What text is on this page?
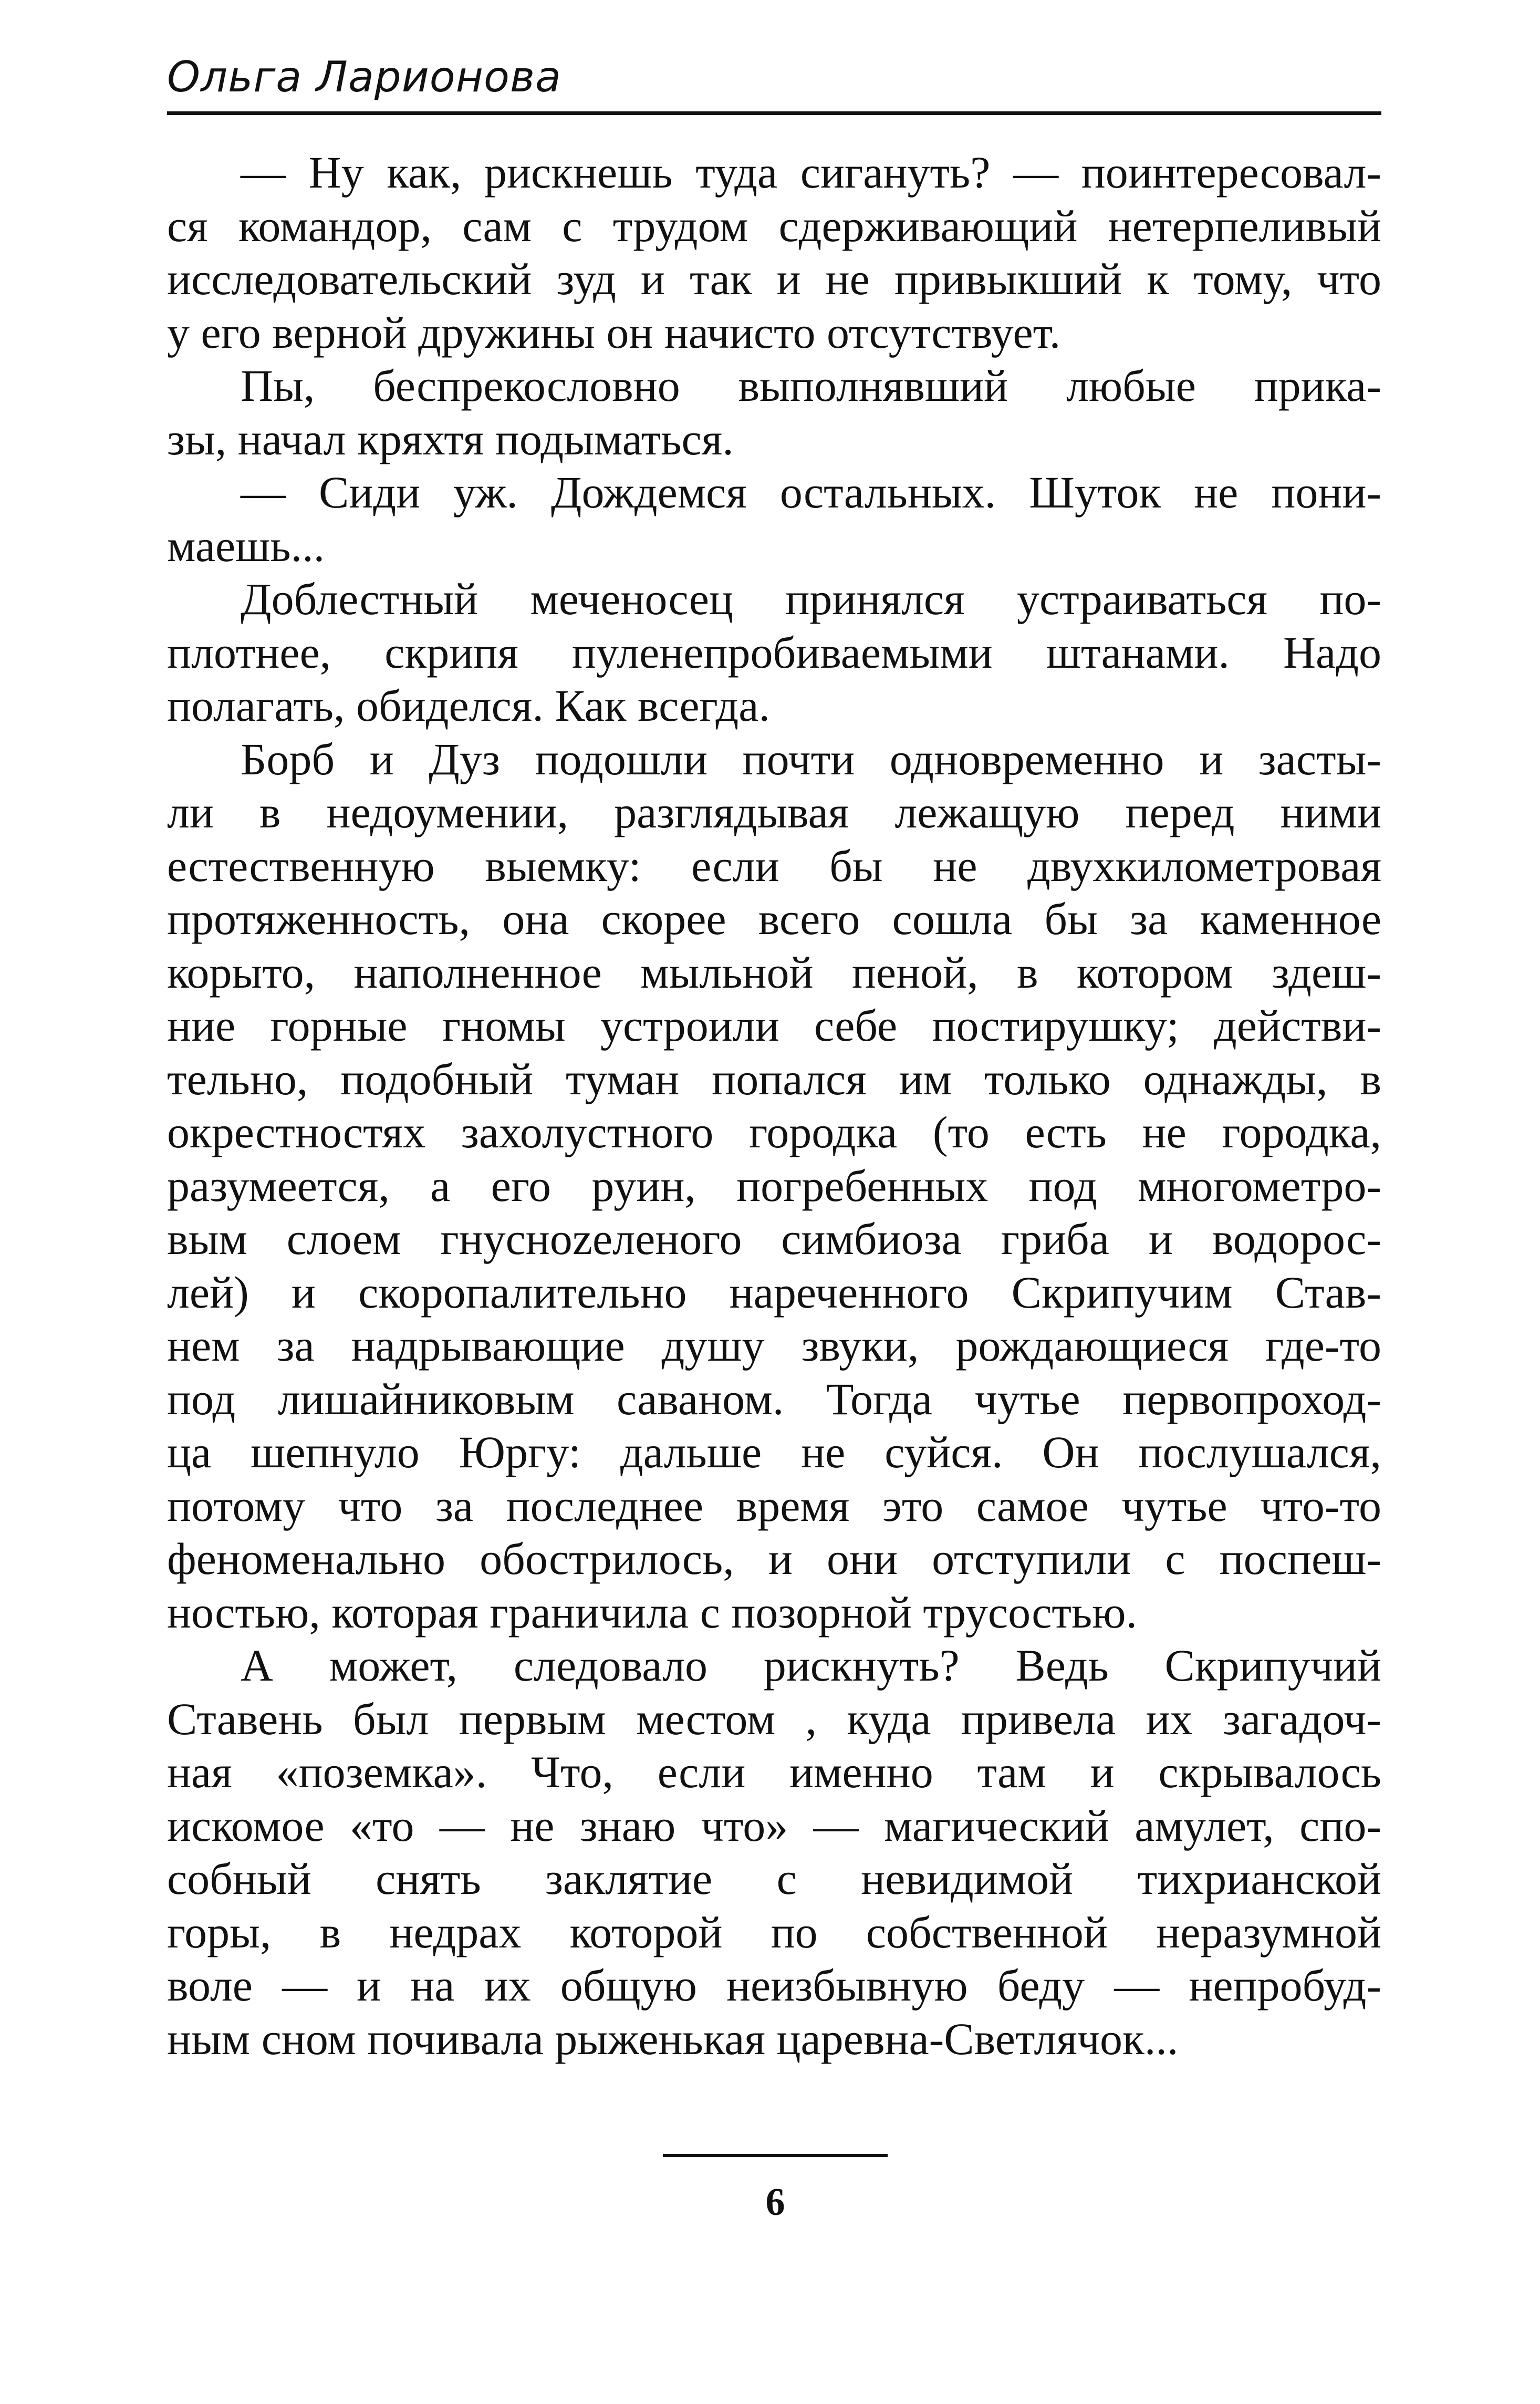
Ольга Ларионова

— Ну как, рискнешь туда сигануть? — поинтересовал-
ся командор, сам с трудом сдерживающий нетерпеливый
исследовательский зуд и так и не привыкший к тому, что
у его верной дружины он начисто отсутствует.

Пы, беспрекословно выполнявший любые прика-
зы, начал кряхтя подыматься.

— Сиди уж. Дождемся остальных. Шуток не пони-
маешь...

Доблестный меченосец принялся устраиваться по-
плотнее, скрипя пуленепробиваемыми штанами. Надо
полагать, обиделся. Как всегда.

Борб и Дуз подошли почти одновременно и засты-
ли в недоумении, разглядывая лежащую перед ними
естественную выемку: если бы не двухкилометровая
протяженность, она скорее всего сошла бы за каменное
корыто, наполненное мыльной пеной, в котором здеш-
ние горные гномы устроили себе постирушку; действи-
тельно, подобный туман попался им только однажды, в
окрестностях захолустного городка (то есть не городка,
разумеется, а его руин, погребенных под многометро-
вым слоем гнусноzеленого симбиоза гриба и водорос-
лей) и скоропалительно нареченного Скрипучим Став-
нем за надрывающие душу звуки, рождающиеся где-то
под лишайниковым саваном. Тогда чутье первопроход-
ца шепнуло Юргу: дальше не суйся. Он послушался,
потому что за последнее время это самое чутье что-то
феноменально обострилось, и они отступили с поспеш-
ностью, которая граничила с позорной трусостью.

А может, следовало рискнуть? Ведь Скрипучий
Ставень был первым местом , куда привела их загадоч-
ная «поземка». Что, если именно там и скрывалось
искомое «то — не знаю что» — магический амулет, спо-
собный снять заклятие с невидимой тихрианской
горы, в недрах которой по собственной неразумной
воле — и на их общую неизбывную беду — непробуд-
ным сном почивала рыженькая царевна-Светлячок...

6
